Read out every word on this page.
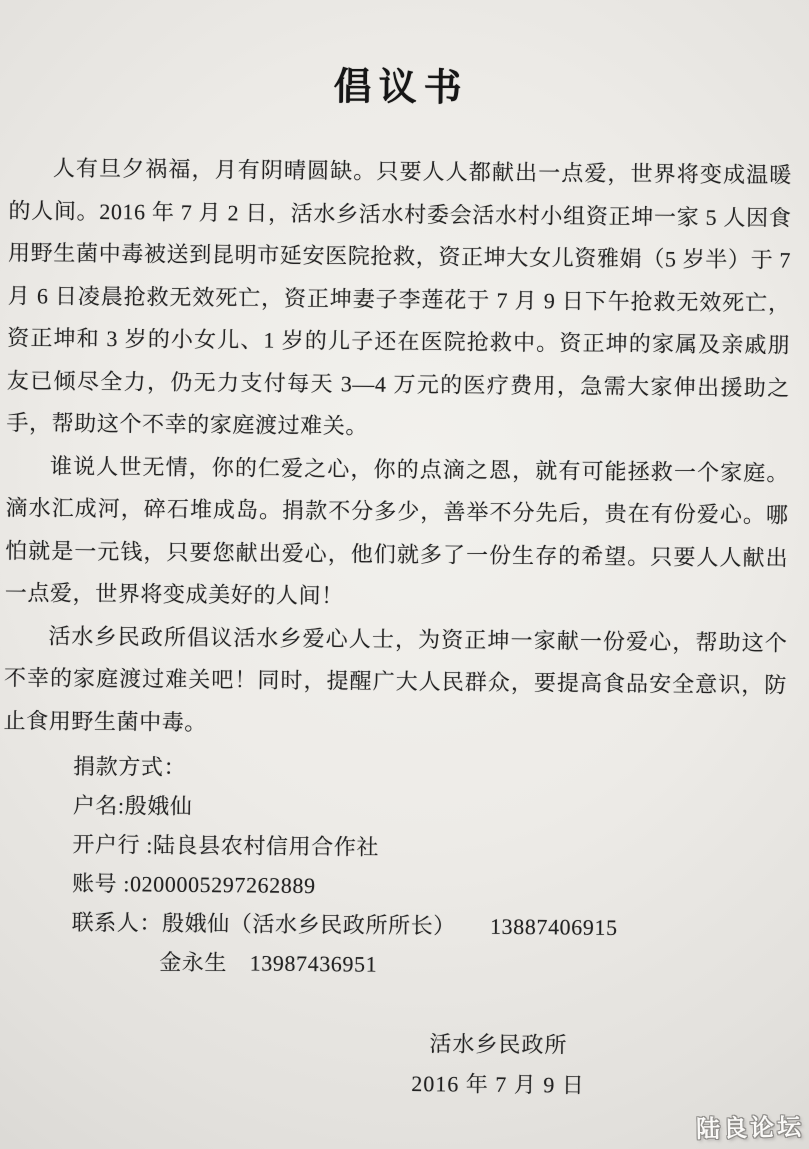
倡议书

人有旦夕祸福，月有阴晴圆缺。只要人人都献出一点爱，世界将变成温暖的人间。2016 年 7 月 2 日，活水乡活水村委会活水村小组资正坤一家 5 人因食用野生菌中毒被送到昆明市延安医院抢救，资正坤大女儿资雅娟（5 岁半）于 7 月 6 日凌晨抢救无效死亡，资正坤妻子李莲花于 7 月 9 日下午抢救无效死亡，资正坤和 3 岁的小女儿、1 岁的儿子还在医院抢救中。资正坤的家属及亲戚朋友已倾尽全力，仍无力支付每天 3—4 万元的医疗费用，急需大家伸出援助之手，帮助这个不幸的家庭渡过难关。

谁说人世无情，你的仁爱之心，你的点滴之恩，就有可能拯救一个家庭。滴水汇成河，碎石堆成岛。捐款不分多少，善举不分先后，贵在有份爱心。哪怕就是一元钱，只要您献出爱心，他们就多了一份生存的希望。只要人人献出一点爱，世界将变成美好的人间！

活水乡民政所倡议活水乡爱心人士，为资正坤一家献一份爱心，帮助这个不幸的家庭渡过难关吧！同时，提醒广大人民群众，要提高食品安全意识，防止食用野生菌中毒。

捐款方式：

户名:殷娥仙

开户行 :陆良县农村信用合作社

账号 :0200005297262889

联系人：殷娥仙（活水乡民政所所长）　　13887406915

金永生　13987436951

活水乡民政所

2016 年 7 月 9 日

陆良论坛
